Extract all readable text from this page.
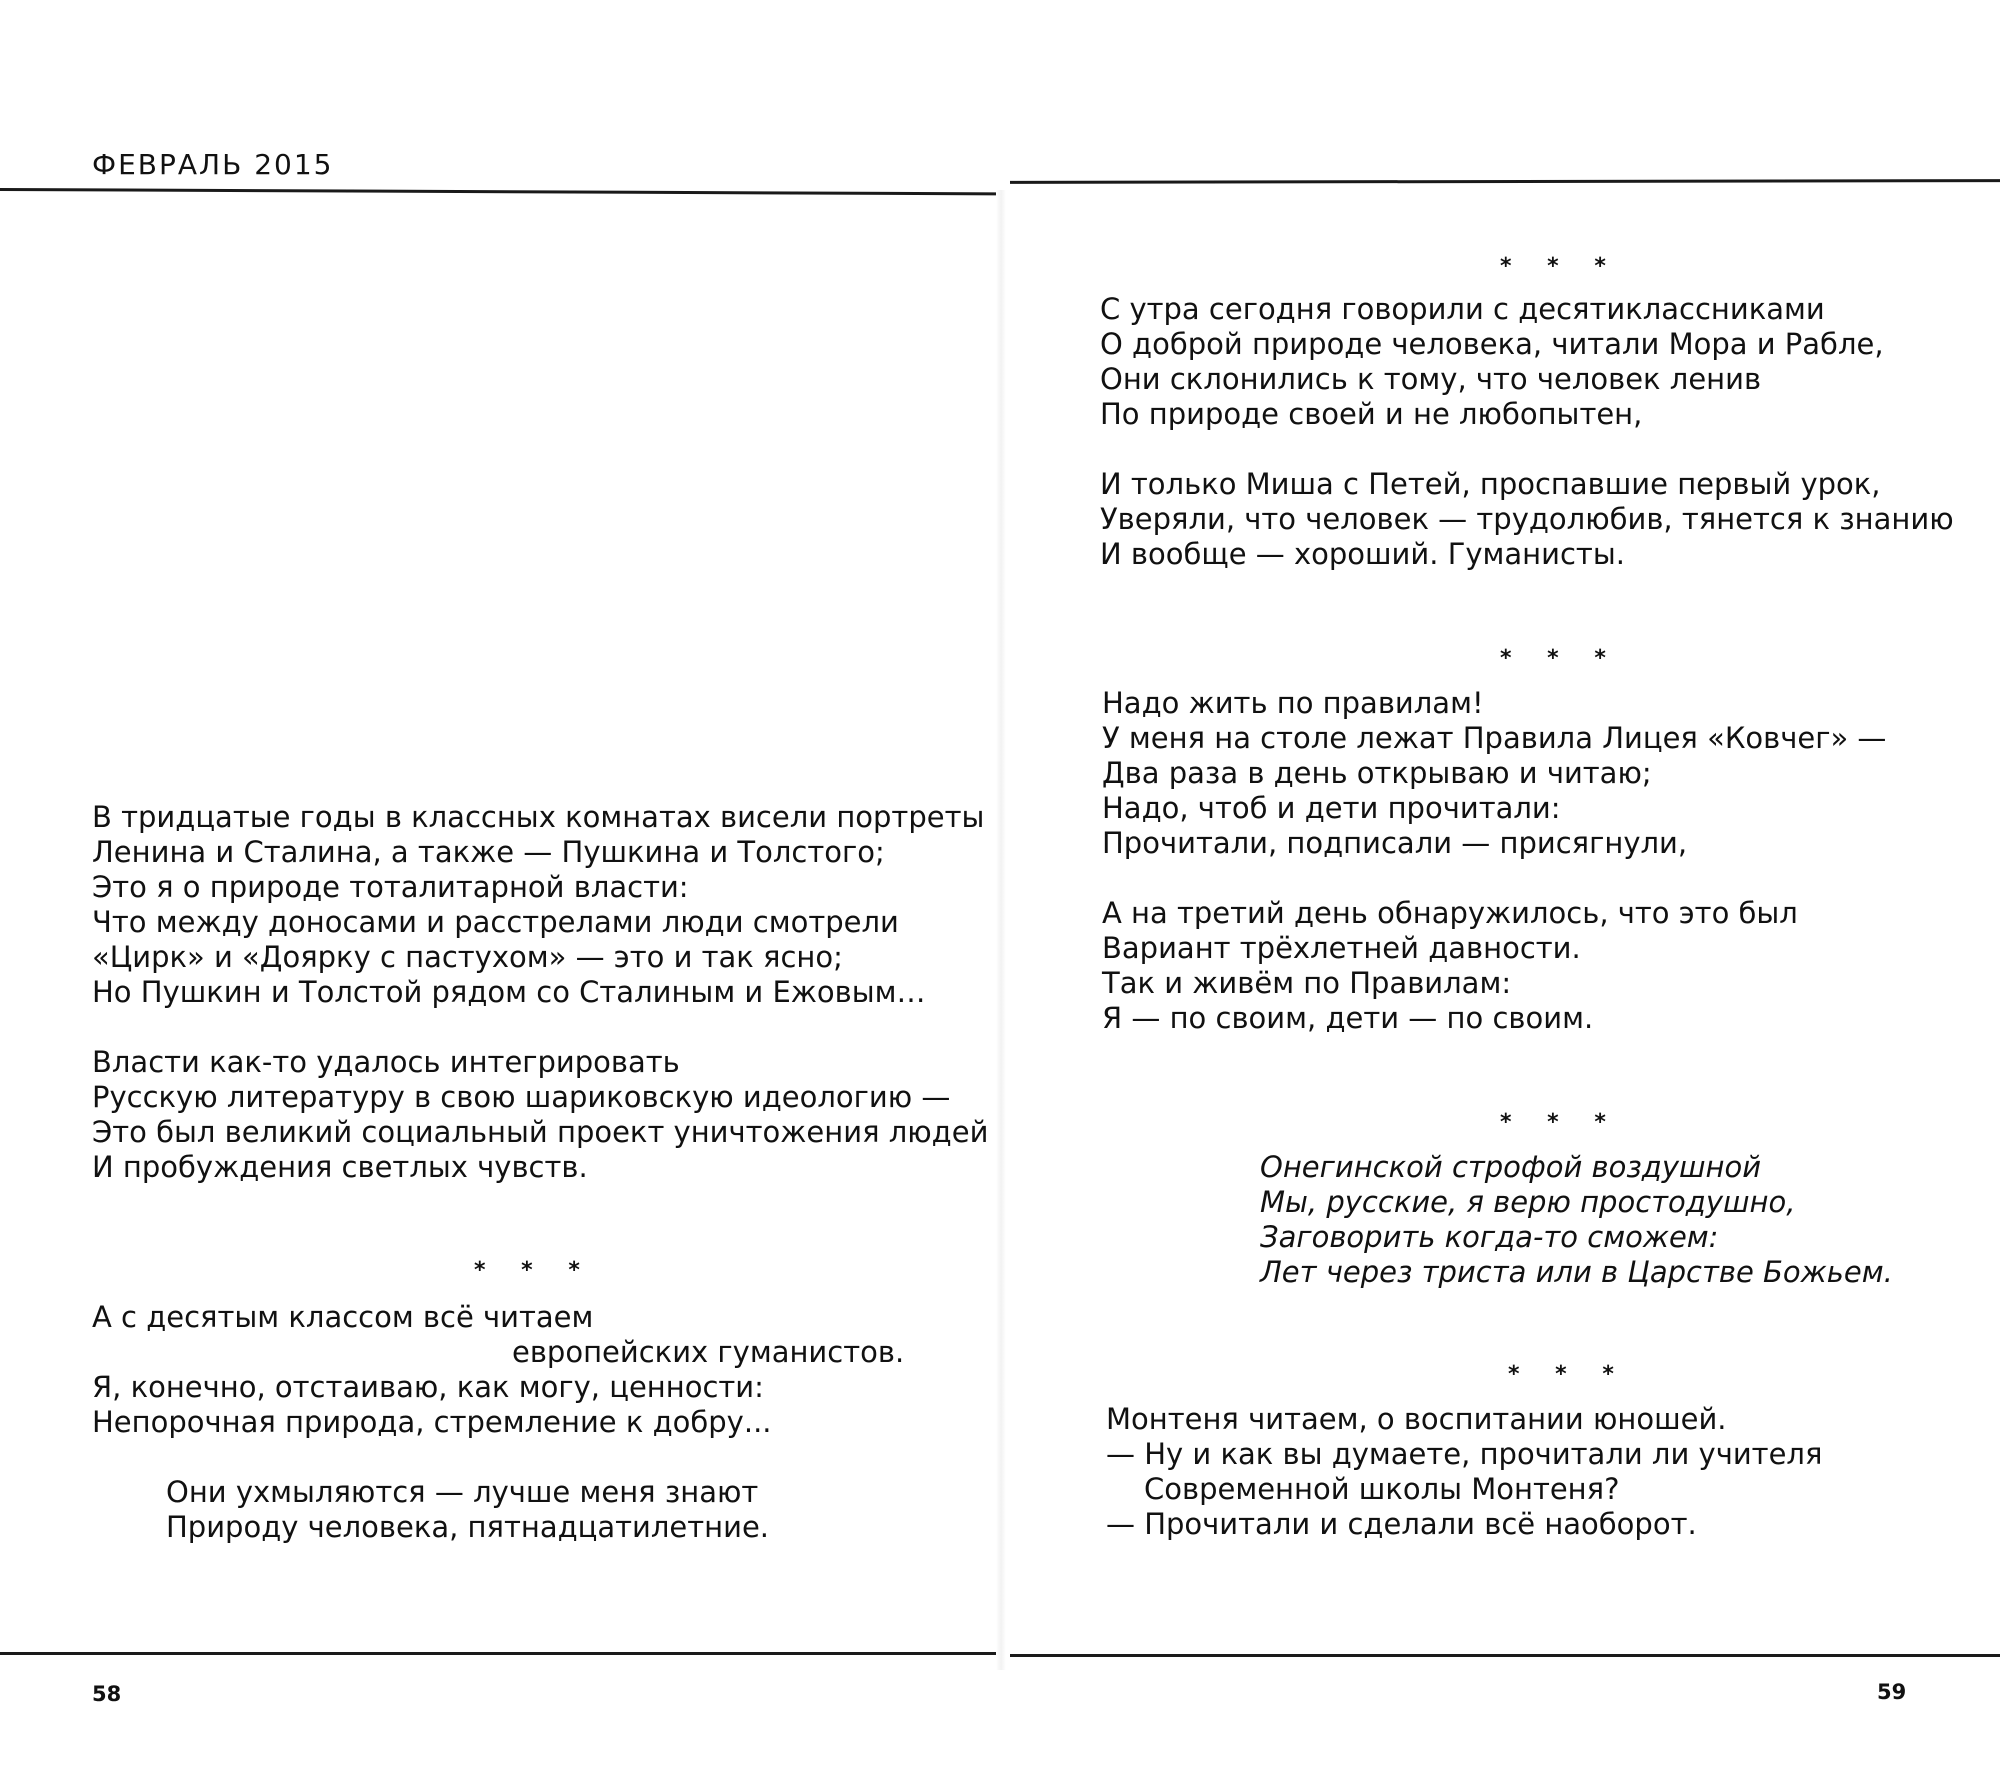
ФЕВРАЛЬ 2015
В тридцатые годы в классных комнатах висели портреты
Ленина и Сталина, а также — Пушкина и Толстого;
Это я о природе тоталитарной власти:
Что между доносами и расстрелами люди смотрели
«Цирк» и «Доярку с пастухом» — это и так ясно;
Но Пушкин и Толстой рядом со Сталиным и Ежовым…
Власти как-то удалось интегрировать
Русскую литературу в свою шариковскую идеологию —
Это был великий социальный проект уничтожения людей
И пробуждения светлых чувств.
* * *
А с десятым классом всё читаем
европейских гуманистов.
Я, конечно, отстаиваю, как могу, ценности:
Непорочная природа, стремление к добру...
Они ухмыляются — лучше меня знают
Природу человека, пятнадцатилетние.
58
* * *
С утра сегодня говорили с десятиклассниками
О доброй природе человека, читали Мора и Рабле,
Они склонились к тому, что человек ленив
По природе своей и не любопытен,
И только Миша с Петей, проспавшие первый урок,
Уверяли, что человек — трудолюбив, тянется к знанию
И вообще — хороший. Гуманисты.
* * *
Надо жить по правилам!
У меня на столе лежат Правила Лицея «Ковчег» —
Два раза в день открываю и читаю;
Надо, чтоб и дети прочитали:
Прочитали, подписали — присягнули,
А на третий день обнаружилось, что это был
Вариант трёхлетней давности.
Так и живём по Правилам:
Я — по своим, дети — по своим.
* * *
Онегинской строфой воздушной
Мы, русские, я верю простодушно,
Заговорить когда-то сможем:
Лет через триста или в Царстве Божьем.
* * *
Монтеня читаем, о воспитании юношей.
— Ну и как вы думаете, прочитали ли учителя
Современной школы Монтеня?
— Прочитали и сделали всё наоборот.
59
